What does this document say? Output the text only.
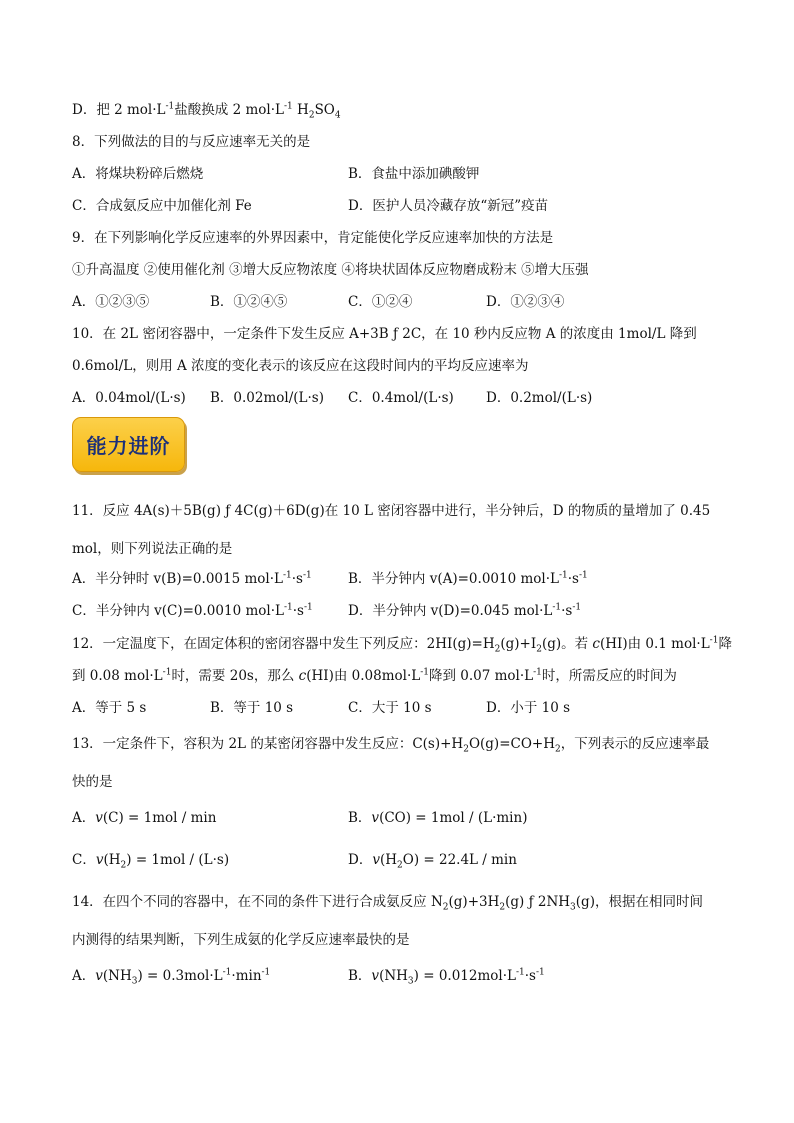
D．把 2 $mol\cdot L^{-1}$盐酸换成 2 $mol\cdot L^{-1}$ $H_2SO_4$
8．下列做法的目的与反应速率无关的是
A．将煤块粉碎后燃烧	B．食盐中添加碘酸钾
C．合成氨反应中加催化剂 Fe	D．医护人员冷藏存放“新冠”疫苗
9．在下列影响化学反应速率的外界因素中，肯定能使化学反应速率加快的方法是
①升高温度 ②使用催化剂 ③增大反应物浓度 ④将块状固体反应物磨成粉末 ⑤增大压强
A．①②③⑤	B．①②④⑤	C．①②④	D．①②③④
10．在 2L 密闭容器中，一定条件下发生反应 A+3B ƒ 2C，在 10 秒内反应物 A 的浓度由 1mol/L 降到
0.6mol/L，则用 A 浓度的变化表示的该反应在这段时间内的平均反应速率为
A．0.04mol/(L·s) B．0.02mol/(L·s) C．0.4mol/(L·s) D．0.2mol/(L·s)
能力进阶
11．反应 4A(s)＋5B(g) ƒ 4C(g)＋6D(g)在 10 L 密闭容器中进行，半分钟后，D 的物质的量增加了 0.45
mol，则下列说法正确的是
A．半分钟时 v(B)=0.0015 $mol\cdot L^{-1}\cdot s^{-1}$	B．半分钟内 v(A)=0.0010 $mol\cdot L^{-1}\cdot s^{-1}$
C．半分钟内 v(C)=0.0010 $mol\cdot L^{-1}\cdot s^{-1}$	D．半分钟内 v(D)=0.045 $mol\cdot L^{-1}\cdot s^{-1}$
12．一定温度下，在固定体积的密闭容器中发生下列反应：$2HI(g)=H_2(g)+I_2(g)$。若 c(HI)由 0.1 $mol\cdot L^{-1}$降
到 0.08 $mol\cdot L^{-1}$时，需要 20s，那么 c(HI)由 $0.08mol\cdot L^{-1}$降到 0.07 $mol\cdot L^{-1}$时，所需反应的时间为
A．等于 5 s	B．等于 10 s	C．大于 10 s	D．小于 10 s
13．一定条件下，容积为 2L 的某密闭容器中发生反应：$C(s)+H_2O(g)=CO+H_2$，下列表示的反应速率最
快的是
A．v(C) = 1mol / min	B．v(CO) = 1mol / (L·min)
C．$v(H_2) = 1mol / (L\cdot s)$	D．$v(H_2O) = 22.4L / \min$
14．在四个不同的容器中，在不同的条件下进行合成氨反应 $N_2(g)+3H_2(g)$ ƒ $2NH_3(g)$，根据在相同时间
内测得的结果判断，下列生成氨的化学反应速率最快的是
A．$v(NH_3) = 0.3mol\cdot L^{-1}\cdot\min^{-1}$	B．$v(NH_3) = 0.012mol\cdot L^{-1}\cdot s^{-1}$
